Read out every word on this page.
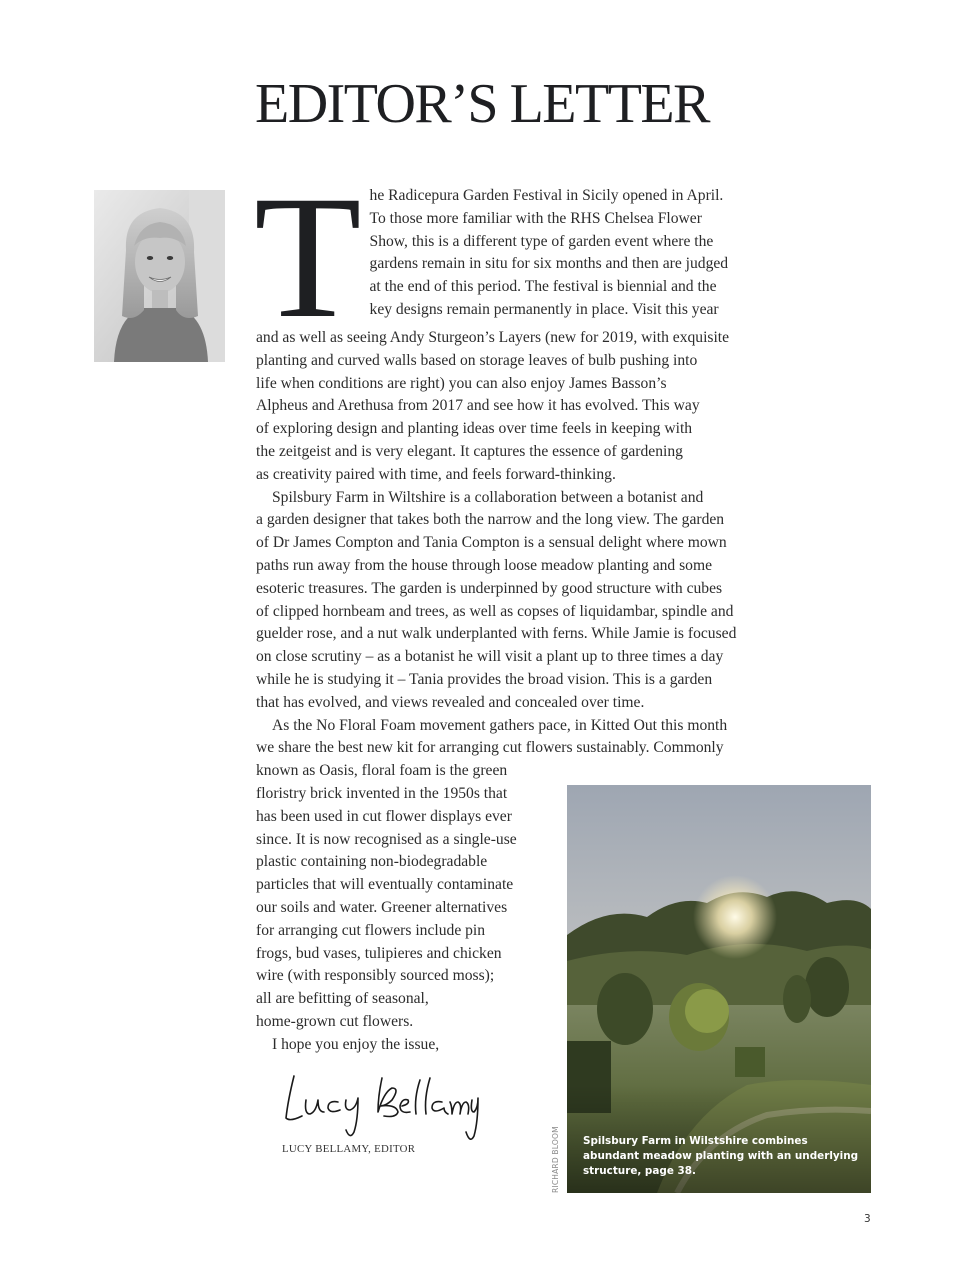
EDITOR’S LETTER

The Radicepura Garden Festival in Sicily opened in April.
To those more familiar with the RHS Chelsea Flower
Show, this is a different type of garden event where the
gardens remain in situ for six months and then are judged
at the end of this period. The festival is biennial and the
key designs remain permanently in place. Visit this year
and as well as seeing Andy Sturgeon’s Layers (new for 2019, with exquisite
planting and curved walls based on storage leaves of bulb pushing into
life when conditions are right) you can also enjoy James Basson’s
Alpheus and Arethusa from 2017 and see how it has evolved. This way
of exploring design and planting ideas over time feels in keeping with
the zeitgeist and is very elegant. It captures the essence of gardening
as creativity paired with time, and feels forward-thinking.

Spilsbury Farm in Wiltshire is a collaboration between a botanist and
a garden designer that takes both the narrow and the long view. The garden
of Dr James Compton and Tania Compton is a sensual delight where mown
paths run away from the house through loose meadow planting and some
esoteric treasures. The garden is underpinned by good structure with cubes
of clipped hornbeam and trees, as well as copses of liquidambar, spindle and
guelder rose, and a nut walk underplanted with ferns. While Jamie is focused
on close scrutiny – as a botanist he will visit a plant up to three times a day
while he is studying it – Tania provides the broad vision. This is a garden
that has evolved, and views revealed and concealed over time.

As the No Floral Foam movement gathers pace, in Kitted Out this month
we share the best new kit for arranging cut flowers sustainably. Commonly
known as Oasis, floral foam is the green
floristry brick invented in the 1950s that
has been used in cut flower displays ever
since. It is now recognised as a single-use
plastic containing non-biodegradable
particles that will eventually contaminate
our soils and water. Greener alternatives
for arranging cut flowers include pin
frogs, bud vases, tulipieres and chicken
wire (with responsibly sourced moss);
all are befitting of seasonal,
home-grown cut flowers.

I hope you enjoy the issue,

LUCY BELLAMY, EDITOR	RICHARD BLOOM	Spilsbury Farm in Wilstshire combines abundant meadow planting with an underlying structure, page 38.
3
